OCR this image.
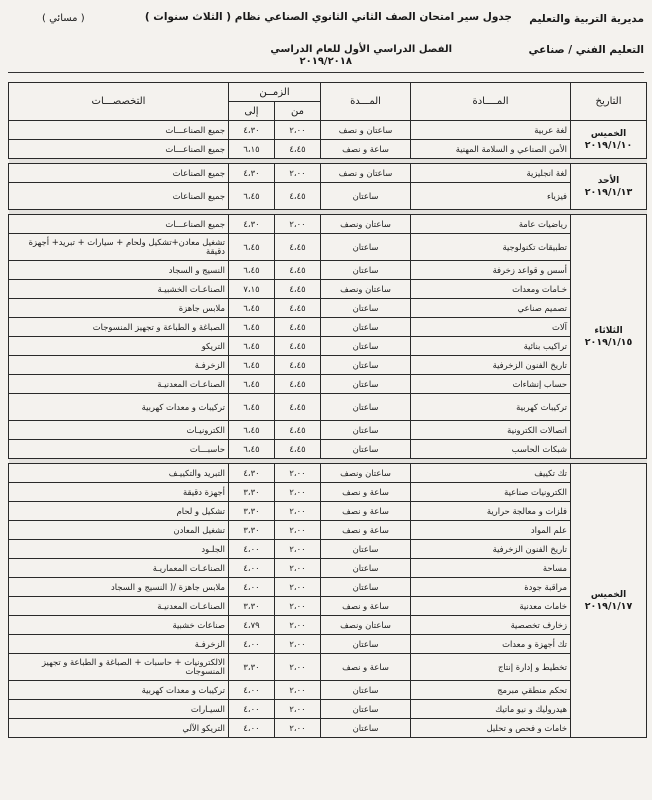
مديرية التربية والتعليم
جدول سير امتحان الصف الثاني الثانوي الصناعي نظام ( الثلاث سنوات )
( مسائي )
التعليم الفني / صناعي
الفصل الدراسي الأول للعام الدراسي
٢٠١٩/٢٠١٨
التاريخ	المــــادة	المـــدة	الزمــن		التخصصـــات
			من	إلى	
الخميس
٢٠١٩/١/١٠	لغة عربية	ساعتان و نصف	٢،٠٠	٤،٣٠	جميع الصناعـــات
	الأمن الصناعي و السلامة المهنية	ساعة و نصف	٤،٤٥	٦،١٥	جميع الصناعـــات

الأحد
٢٠١٩/١/١٣	لغة انجليزية	ساعتان و نصف	٢،٠٠	٤،٣٠	جميع الصناعات
	فيزياء	ساعتان	٤،٤٥	٦،٤٥	جميع الصناعات

الثلاثاء
٢٠١٩/١/١٥	رياضيات عامة	ساعتان ونصف	٢،٠٠	٤،٣٠	جميع الصناعـــات
	تطبيقات تكنولوجية	ساعتان	٤،٤٥	٦،٤٥	تشغيل معادن+تشكيل ولحام + سيارات + تبريد+ أجهزة دقيقة
	أسس و قواعد زخرفة	ساعتان	٤،٤٥	٦،٤٥	النسيج و السجاد
	خـامات ومعدات	ساعتان ونصف	٤،٤٥	٧،١٥	الصناعـات الخشبيـة
	تصميم صناعي	ساعتان	٤،٤٥	٦،٤٥	ملابس جاهزة
	آلات	ساعتان	٤،٤٥	٦،٤٥	الصباغة و الطباعة و تجهيز المنسوجات
	تراكيب بنائية	ساعتان	٤،٤٥	٦،٤٥	التريكو
	تاريخ الفنون الزخرفية	ساعتان	٤،٤٥	٦،٤٥	الزخرفـة
	حساب إنشاءات	ساعتان	٤،٤٥	٦،٤٥	الصناعـات المعدنيـة
	تركيبات كهربية	ساعتان	٤،٤٥	٦،٤٥	تركيبات و معدات كهربية
	اتصالات الكترونية	ساعتان	٤،٤٥	٦،٤٥	الكترونيـات
	شبكات الحاسب	ساعتان	٤،٤٥	٦،٤٥	حاسبـــات

الخميس
٢٠١٩/١/١٧	تك تكييف	ساعتان ونصف	٢،٠٠	٤،٣٠	التبريد والتكييـف
	الكترونيات صناعية	ساعة و نصف	٢،٠٠	٣،٣٠	أجهزة دقيقة
	فلزات و معالجة حرارية	ساعة و نصف	٢،٠٠	٣،٣٠	تشكيل و لحام
	علم المواد	ساعة و نصف	٢،٠٠	٣،٣٠	تشغيل المعادن
	تاريخ الفنون الزخرفية	ساعتان	٢،٠٠	٤،٠٠	الجلـود
	مساحة	ساعتان	٢،٠٠	٤،٠٠	الصناعـات المعماريـة
	مراقبة جودة	ساعتان	٢،٠٠	٤،٠٠	ملابس جاهزة /( النسيج و السجاد
	خامات معدنية	ساعة و نصف	٢،٠٠	٣،٣٠	الصناعـات المعدنيـة
	زخارف تخصصية	ساعتان ونصف	٢،٠٠	٤،٧٩	صناعات خشبية
	تك أجهزة و معدات	ساعتان	٢،٠٠	٤،٠٠	الزخرفـة
	تخطيط و إدارة إنتاج	ساعة و نصف	٢،٠٠	٣،٣٠	الالكترونيات + حاسبات + الصباغة و الطباعة و تجهيز المنسوجات
	تحكم منطقي مبرمج	ساعتان	٢،٠٠	٤،٠٠	تركيبات و معدات كهربية
	هيدروليك و نيو ماتيك	ساعتان	٢،٠٠	٤،٠٠	السيـارات
	خامات و فحص و تحليل	ساعتان	٢،٠٠	٤،٠٠	التريكو الآلي
